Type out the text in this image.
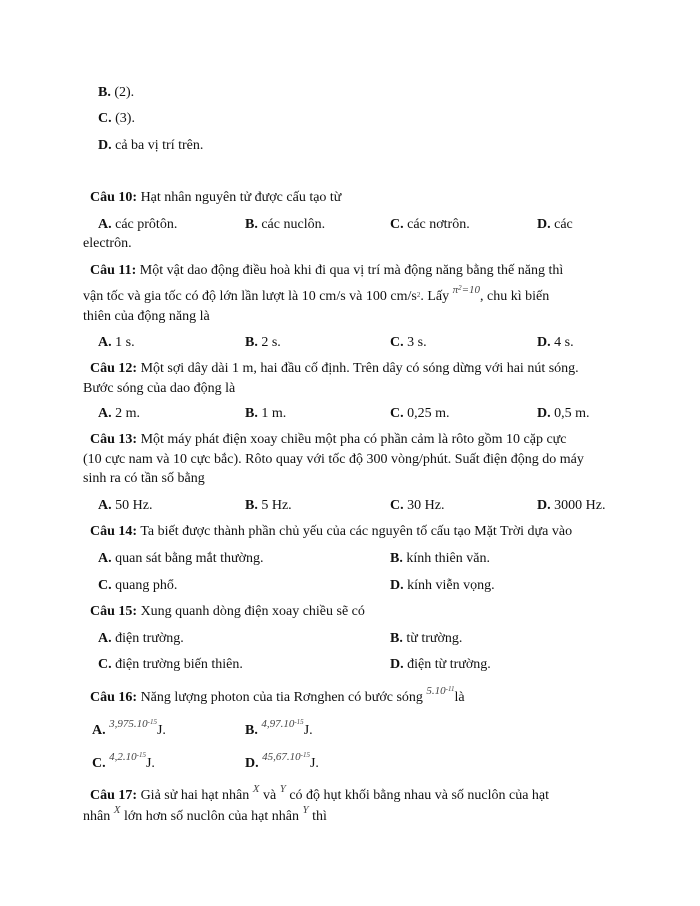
B. (2).
C. (3).
D. cả ba vị trí trên.
Câu 10: Hạt nhân nguyên tử được cấu tạo từ
A. các prôtôn.	B. các nuclôn.	C. các nơtrôn.	D. các
electrôn.
Câu 11: Một vật dao động điều hoà khi đi qua vị trí mà động năng bằng thế năng thì
vận tốc và gia tốc có độ lớn lần lượt là 10 cm/s và 100 $cm/s^2$. Lấy $^{\pi^2=10}$, chu kì biến
thiên của động năng là
A. 1 s.	B. 2 s.	C. 3 s.	D. 4 s.
Câu 12: Một sợi dây dài 1 m, hai đầu cố định. Trên dây có sóng dừng với hai nút sóng.
Bước sóng của dao động là
A. 2 m.	B. 1 m.	C. 0,25 m.	D. 0,5 m.
Câu 13: Một máy phát điện xoay chiều một pha có phần cảm là rôto gồm 10 cặp cực
(10 cực nam và 10 cực bắc). Rôto quay với tốc độ 300 vòng/phút. Suất điện động do máy
sinh ra có tần số bằng
A. 50 Hz.	B. 5 Hz.	C. 30 Hz.	D. 3000 Hz.
Câu 14: Ta biết được thành phần chủ yếu của các nguyên tố cấu tạo Mặt Trời dựa vào
A. quan sát bằng mắt thường.	B. kính thiên văn.
C. quang phổ.	D. kính viễn vọng.
Câu 15: Xung quanh dòng điện xoay chiều sẽ có
A. điện trường.	B. từ trường.
C. điện trường biến thiên.	D. điện từ trường.
Câu 16: Năng lượng photon của tia Rơnghen có bước sóng $^{5.10^{-11}}$là
A. $^{3,975.10^{-15}}$J.	B. $^{4,97.10^{-15}}$J.
C. $^{4,2.10^{-15}}$J.	D. $^{45,67.10^{-15}}$J.
Câu 17: Giả sử hai hạt nhân $^X$ và $^Y$ có độ hụt khối bằng nhau và số nuclôn của hạt
nhân $^X$ lớn hơn số nuclôn của hạt nhân $^Y$ thì
